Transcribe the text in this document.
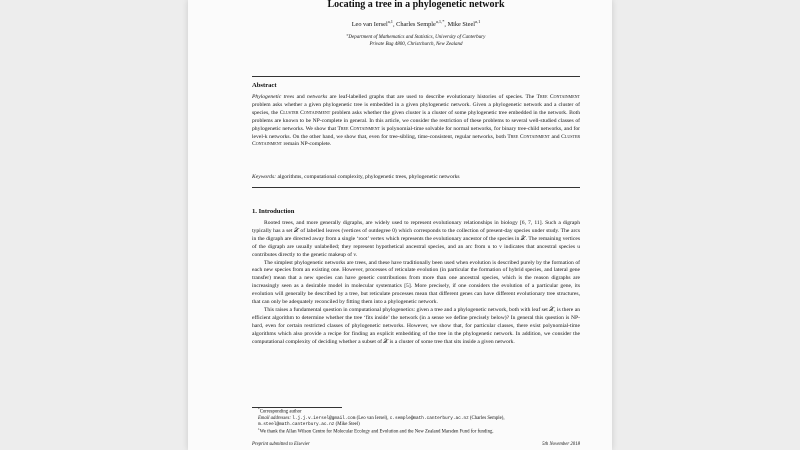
Locating a tree in a phylogenetic network
Leo van Iersel$^{a,1}$, Charles Semple$^{a,1,*}$, Mike Steel$^{a,1}$
$^a$Department of Mathematics and Statistics, University of Canterbury
Private Bag 4800, Christchurch, New Zealand
Abstract
Phylogenetic trees and networks are leaf-labelled graphs that are used to describe evolutionary histories of species. The Tree Containment problem asks whether a given phylogenetic tree is embedded in a given phylogenetic network. Given a phylogenetic network and a cluster of species, the Cluster Containment problem asks whether the given cluster is a cluster of some phylogenetic tree embedded in the network. Both problems are known to be NP-complete in general. In this article, we consider the restriction of these problems to several well-studied classes of phylogenetic networks. We show that Tree Containment is polynomial-time solvable for normal networks, for binary tree-child networks, and for level-k networks. On the other hand, we show that, even for tree-sibling, time-consistent, regular networks, both Tree Containment and Cluster Containment remain NP-complete.
Keywords: algorithms, computational complexity, phylogenetic trees, phylogenetic networks
1. Introduction

Rooted trees, and more generally digraphs, are widely used to represent evolutionary relationships in biology [6, 7, 11]. Such a digraph typically has a set 𝒳 of labelled leaves (vertices of outdegree 0) which corresponds to the collection of present-day species under study. The arcs in the digraph are directed away from a single ‘root’ vertex which represents the evolutionary ancestor of the species in 𝒳. The remaining vertices of the digraph are usually unlabelled; they represent hypothetical ancestral species, and an arc from u to v indicates that ancestral species u contributes directly to the genetic makeup of v.

The simplest phylogenetic networks are trees, and these have traditionally been used when evolution is described purely by the formation of each new species from an existing one. However, processes of reticulate evolution (in particular the formation of hybrid species, and lateral gene transfer) mean that a new species can have genetic contributions from more than one ancestral species, which is the reason digraphs are increasingly seen as a desirable model in molecular systematics [5]. More precisely, if one considers the evolution of a particular gene, its evolution will generally be described by a tree, but reticulate processes mean that different genes can have different evolutionary tree structures, that can only be adequately reconciled by fitting them into a phylogenetic network.

This raises a fundamental question in computational phylogenetics: given a tree and a phylogenetic network, both with leaf set 𝒳, is there an efficient algorithm to determine whether the tree ‘fits inside’ the network (in a sense we define precisely below)? In general this question is NP-hard, even for certain restricted classes of phylogenetic networks. However, we show that, for particular classes, there exist polynomial-time algorithms which also provide a recipe for finding an explicit embedding of the tree in the phylogenetic network. In addition, we consider the computational complexity of deciding whether a subset of 𝒳 is a cluster of some tree that sits inside a given network.

*Corresponding author
Email addresses: l.j.j.v.iersel@gmail.com (Leo van Iersel), c.semple@math.canterbury.ac.nz (Charles Semple),
m.steel@math.canterbury.ac.nz (Mike Steel)
$^1$We thank the Allan Wilson Centre for Molecular Ecology and Evolution and the New Zealand Marsden Fund for funding.
Preprint submitted to Elsevier	5th November 2018
